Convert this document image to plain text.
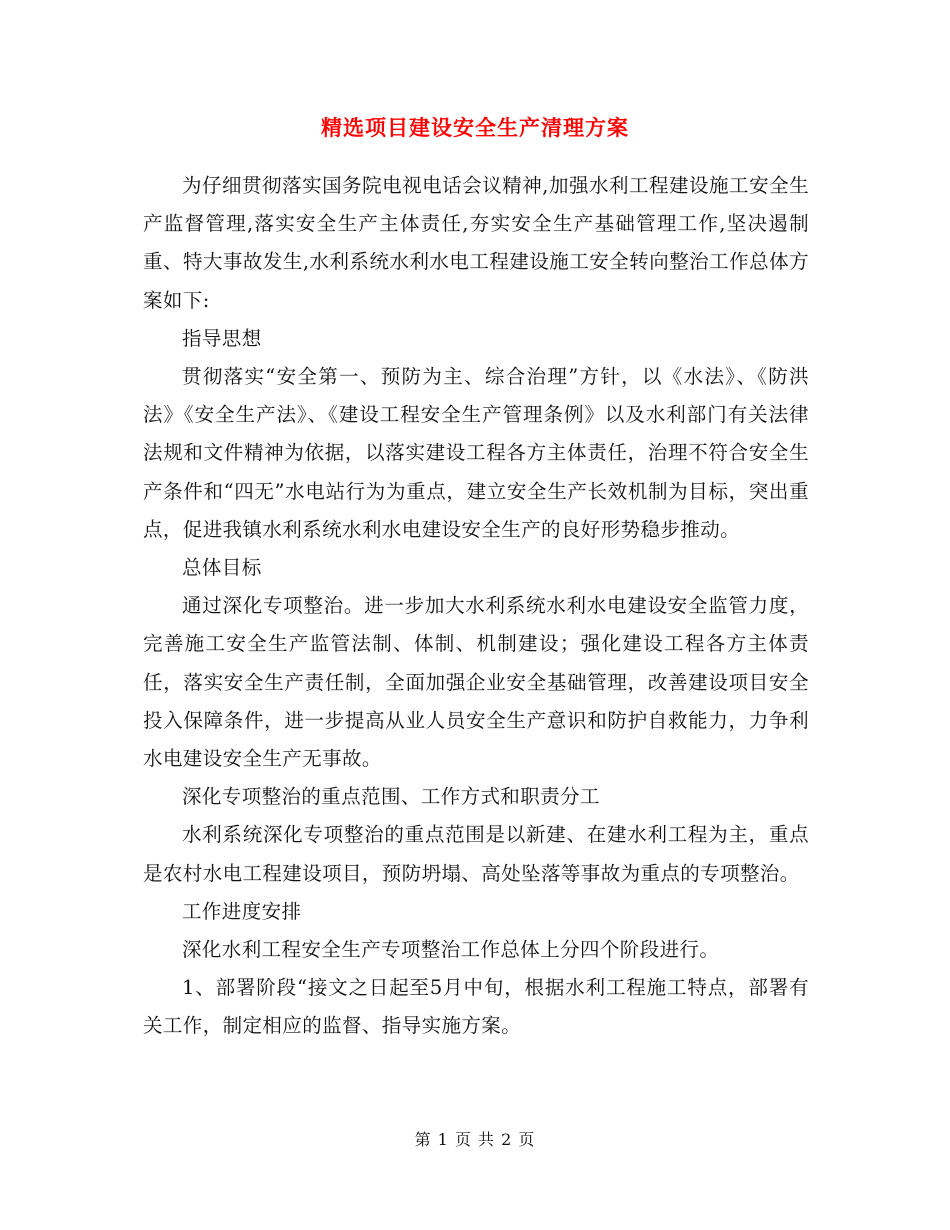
精选项目建设安全生产清理方案

为仔细贯彻落实国务院电视电话会议精神,加强水利工程建设施工安全生产监督管理,落实安全生产主体责任,夯实安全生产基础管理工作,坚决遏制重、特大事故发生,水利系统水利水电工程建设施工安全转向整治工作总体方案如下:

指导思想

贯彻落实“安全第一、预防为主、综合治理”方针，以《水法》、《防洪法》《安全生产法》、《建设工程安全生产管理条例》以及水利部门有关法律法规和文件精神为依据，以落实建设工程各方主体责任，治理不符合安全生产条件和“四无”水电站行为为重点，建立安全生产长效机制为目标，突出重点，促进我镇水利系统水利水电建设安全生产的良好形势稳步推动。

总体目标

通过深化专项整治。进一步加大水利系统水利水电建设安全监管力度，完善施工安全生产监管法制、体制、机制建设；强化建设工程各方主体责任，落实安全生产责任制，全面加强企业安全基础管理，改善建设项目安全投入保障条件，进一步提高从业人员安全生产意识和防护自救能力，力争利水电建设安全生产无事故。

深化专项整治的重点范围、工作方式和职责分工

水利系统深化专项整治的重点范围是以新建、在建水利工程为主，重点是农村水电工程建设项目，预防坍塌、高处坠落等事故为重点的专项整治。

工作进度安排

深化水利工程安全生产专项整治工作总体上分四个阶段进行。

1、部署阶段“接文之日起至5月中旬，根据水利工程施工特点，部署有关工作，制定相应的监督、指导实施方案。

第 1 页 共 2 页
